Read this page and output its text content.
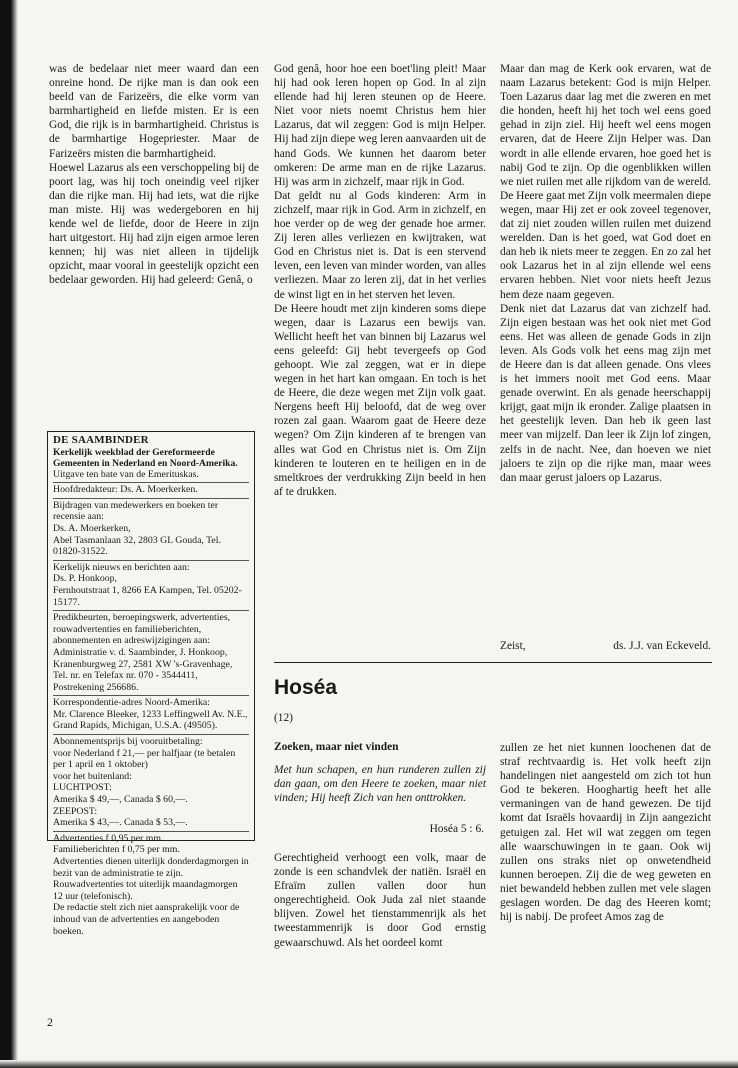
was de bedelaar niet meer waard dan een onreine hond. De rijke man is dan ook een beeld van de Farizeërs, die elke vorm van barmhartigheid en liefde misten. Er is een God, die rijk is in barmhartigheid. Christus is de barmhartige Hogepriester. Maar de Farizeërs misten die barmhartigheid.

Hoewel Lazarus als een verschoppeling bij de poort lag, was hij toch oneindig veel rijker dan die rijke man. Hij had iets, wat die rijke man miste. Hij was wedergeboren en hij kende wel de liefde, door de Heere in zijn hart uitgestort. Hij had zijn eigen armoe leren kennen; hij was niet alleen in tijdelijk opzicht, maar vooral in geestelijk opzicht een bedelaar geworden. Hij had geleerd: Genâ, o

DE SAAMBINDER
Kerkelijk weekblad der Gereformeerde Gemeenten in Nederland en Noord-Amerika.
Uitgave ten bate van de Emerituskas.
Hoofdredakteur: Ds. A. Moerkerken.
Bijdragen van medewerkers en boeken ter recensie aan:
Ds. A. Moerkerken,
Abel Tasmanlaan 32, 2803 GL Gouda, Tel. 01820-31522.
Kerkelijk nieuws en berichten aan:
Ds. P. Honkoop,
Fernhoutstraat 1, 8266 EA Kampen, Tel. 05202-15177.
Predikbeurten, beroepingswerk, advertenties, rouwadvertenties en familieberichten, abonnementen en adreswijzigingen aan:
Administratie v. d. Saambinder, J. Honkoop, Kranenburgweg 27, 2581 XW 's-Gravenhage, Tel. nr. en Telefax nr. 070 - 3544411, Postrekening 256686.
Korrespondentie-adres Noord-Amerika:
Mr. Clarence Bleeker, 1233 Leffingwell Av. N.E., Grand Rapids, Michigan, U.S.A. (49505).
Abonnementsprijs bij vooruitbetaling:
voor Nederland f 21,— per halfjaar (te betalen per 1 april en 1 oktober)
voor het buitenland:
LUCHTPOST:
Amerika $ 49,—, Canada $ 60,—.
ZEEPOST:
Amerika $ 43,—. Canada $ 53,—.
Advertenties f 0,95 per mm.
Familieberichten f 0,75 per mm.
Advertenties dienen uiterlijk donderdagmorgen in bezit van de administratie te zijn.
Rouwadvertenties tot uiterlijk maandagmorgen 12 uur (telefonisch).
De redactie stelt zich niet aansprakelijk voor de inhoud van de advertenties en aangeboden boeken.

God genâ, hoor hoe een boet'ling pleit! Maar hij had ook leren hopen op God. In al zijn ellende had hij leren steunen op de Heere. Niet voor niets noemt Christus hem hier Lazarus, dat wil zeggen: God is mijn Helper. Hij had zijn diepe weg leren aanvaarden uit de hand Gods. We kunnen het daarom beter omkeren: De arme man en de rijke Lazarus. Hij was arm in zichzelf, maar rijk in God.

Dat geldt nu al Gods kinderen: Arm in zichzelf, maar rijk in God. Arm in zichzelf, en hoe verder op de weg der genade hoe armer. Zij leren alles verliezen en kwijtraken, wat God en Christus niet is. Dat is een stervend leven, een leven van minder worden, van alles verliezen. Maar zo leren zij, dat in het verlies de winst ligt en in het sterven het leven.

De Heere houdt met zijn kinderen soms diepe wegen, daar is Lazarus een bewijs van. Wellicht heeft het van binnen bij Lazarus wel eens geleefd: Gij hebt tevergeefs op God gehoopt. Wie zal zeggen, wat er in diepe wegen in het hart kan omgaan. En toch is het de Heere, die deze wegen met Zijn volk gaat. Nergens heeft Hij beloofd, dat de weg over rozen zal gaan. Waarom gaat de Heere deze wegen? Om Zijn kinderen af te brengen van alles wat God en Christus niet is. Om Zijn kinderen te louteren en te heiligen en in de smeltkroes der verdrukking Zijn beeld in hen af te drukken.

Maar dan mag de Kerk ook ervaren, wat de naam Lazarus betekent: God is mijn Helper. Toen Lazarus daar lag met die zweren en met die honden, heeft hij het toch wel eens goed gehad in zijn ziel. Hij heeft wel eens mogen ervaren, dat de Heere Zijn Helper was. Dan wordt in alle ellende ervaren, hoe goed het is nabij God te zijn. Op die ogenblikken willen we niet ruilen met alle rijkdom van de wereld. De Heere gaat met Zijn volk meermalen diepe wegen, maar Hij zet er ook zoveel tegenover, dat zij niet zouden willen ruilen met duizend werelden. Dan is het goed, wat God doet en dan heb ik niets meer te zeggen. En zo zal het ook Lazarus het in al zijn ellende wel eens ervaren hebben. Niet voor niets heeft Jezus hem deze naam gegeven.

Denk niet dat Lazarus dat van zichzelf had. Zijn eigen bestaan was het ook niet met God eens. Het was alleen de genade Gods in zijn leven. Als Gods volk het eens mag zijn met de Heere dan is dat alleen genade. Ons vlees is het immers nooit met God eens. Maar genade overwint. En als genade heerschappij krijgt, gaat mijn ik eronder. Zalige plaatsen in het geestelijk leven. Dan heb ik geen last meer van mijzelf. Dan leer ik Zijn lof zingen, zelfs in de nacht. Nee, dan hoeven we niet jaloers te zijn op die rijke man, maar wees dan maar gerust jaloers op Lazarus.

Zeist,	ds. J.J. van Eckeveld.
Hoséa
(12)
Zoeken, maar niet vinden
Met hun schapen, en hun runderen zullen zij dan gaan, om den Heere te zoeken, maar niet vinden; Hij heeft Zich van hen onttrokken.
Hoséa 5 : 6.
Gerechtigheid verhoogt een volk, maar de zonde is een schandvlek der natiën. Israël en Efraïm zullen vallen door hun ongerechtigheid. Ook Juda zal niet staande blijven. Zowel het tienstammenrijk als het tweestammenrijk is door God ernstig gewaarschuwd. Als het oordeel komt
zullen ze het niet kunnen loochenen dat de straf rechtvaardig is. Het volk heeft zijn handelingen niet aangesteld om zich tot hun God te bekeren. Hooghartig heeft het alle vermaningen van de hand gewezen. De tijd komt dat Israëls hovaardij in Zijn aangezicht getuigen zal. Het wil wat zeggen om tegen alle waarschuwingen in te gaan. Ook wij zullen ons straks niet op onwetendheid kunnen beroepen. Zij die de weg geweten en niet bewandeld hebben zullen met vele slagen geslagen worden. De dag des Heeren komt; hij is nabij. De profeet Amos zag de
2
